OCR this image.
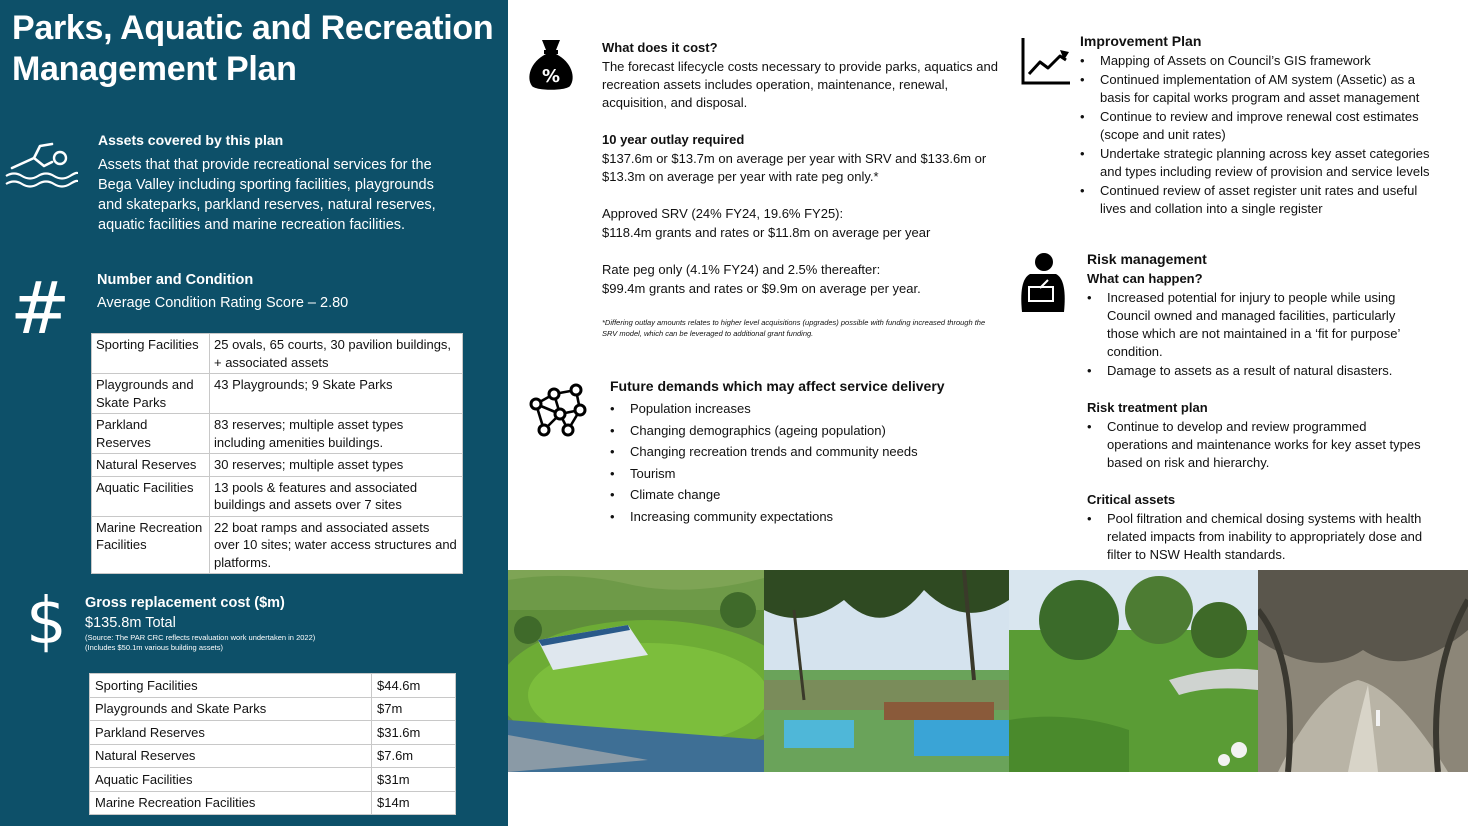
Parks, Aquatic and Recreation Management Plan
Assets covered by this plan
Assets that that provide recreational services for the Bega Valley including sporting facilities, playgrounds and skateparks, parkland reserves, natural reserves, aquatic facilities and marine recreation facilities.
# Number and Condition
Average Condition Rating Score – 2.80
Sporting Facilities	25 ovals, 65 courts, 30 pavilion buildings, + associated assets
Playgrounds and Skate Parks	43 Playgrounds; 9 Skate Parks
Parkland Reserves	83 reserves; multiple asset types including amenities buildings.
Natural Reserves	30 reserves; multiple asset types
Aquatic Facilities	13 pools & features and associated buildings and assets over 7 sites
Marine Recreation Facilities	22 boat ramps and associated assets over 10 sites; water access structures and platforms.
$ Gross replacement cost ($m)
$135.8m Total
(Source: The PAR CRC reflects revaluation work undertaken in 2022)
(Includes $50.1m various building assets)
Sporting Facilities	$44.6m
Playgrounds and Skate Parks	$7m
Parkland Reserves	$31.6m
Natural Reserves	$7.6m
Aquatic Facilities	$31m
Marine Recreation Facilities	$14m
%
What does it cost?
The forecast lifecycle costs necessary to provide parks, aquatics and recreation assets includes operation, maintenance, renewal, acquisition, and disposal.
10 year outlay required
$137.6m or $13.7m on average per year with SRV and $133.6m or $13.3m on average per year with rate peg only.*
Approved SRV (24% FY24, 19.6% FY25):
$118.4m grants and rates or $11.8m on average per year
Rate peg only (4.1% FY24) and 2.5% thereafter:
$99.4m grants and rates or $9.9m on average per year.
*Differing outlay amounts relates to higher level acquisitions (upgrades) possible with funding increased through the SRV model, which can be leveraged to additional grant funding.
Future demands which may affect service delivery
• Population increases
• Changing demographics (ageing population)
• Changing recreation trends and community needs
• Tourism
• Climate change
• Increasing community expectations
Improvement Plan
• Mapping of Assets on Council’s GIS framework
• Continued implementation of AM system (Assetic) as a basis for capital works program and asset management
• Continue to review and improve renewal cost estimates (scope and unit rates)
• Undertake strategic planning across key asset categories and types including review of provision and service levels
• Continued review of asset register unit rates and useful lives and collation into a single register
Risk management
What can happen?
• Increased potential for injury to people while using Council owned and managed facilities, particularly those which are not maintained in a ‘fit for purpose’ condition.
• Damage to assets as a result of natural disasters.
Risk treatment plan
• Continue to develop and review programmed operations and maintenance works for key asset types based on risk and hierarchy.
Critical assets
• Pool filtration and chemical dosing systems with health related impacts from inability to appropriately dose and filter to NSW Health standards.
